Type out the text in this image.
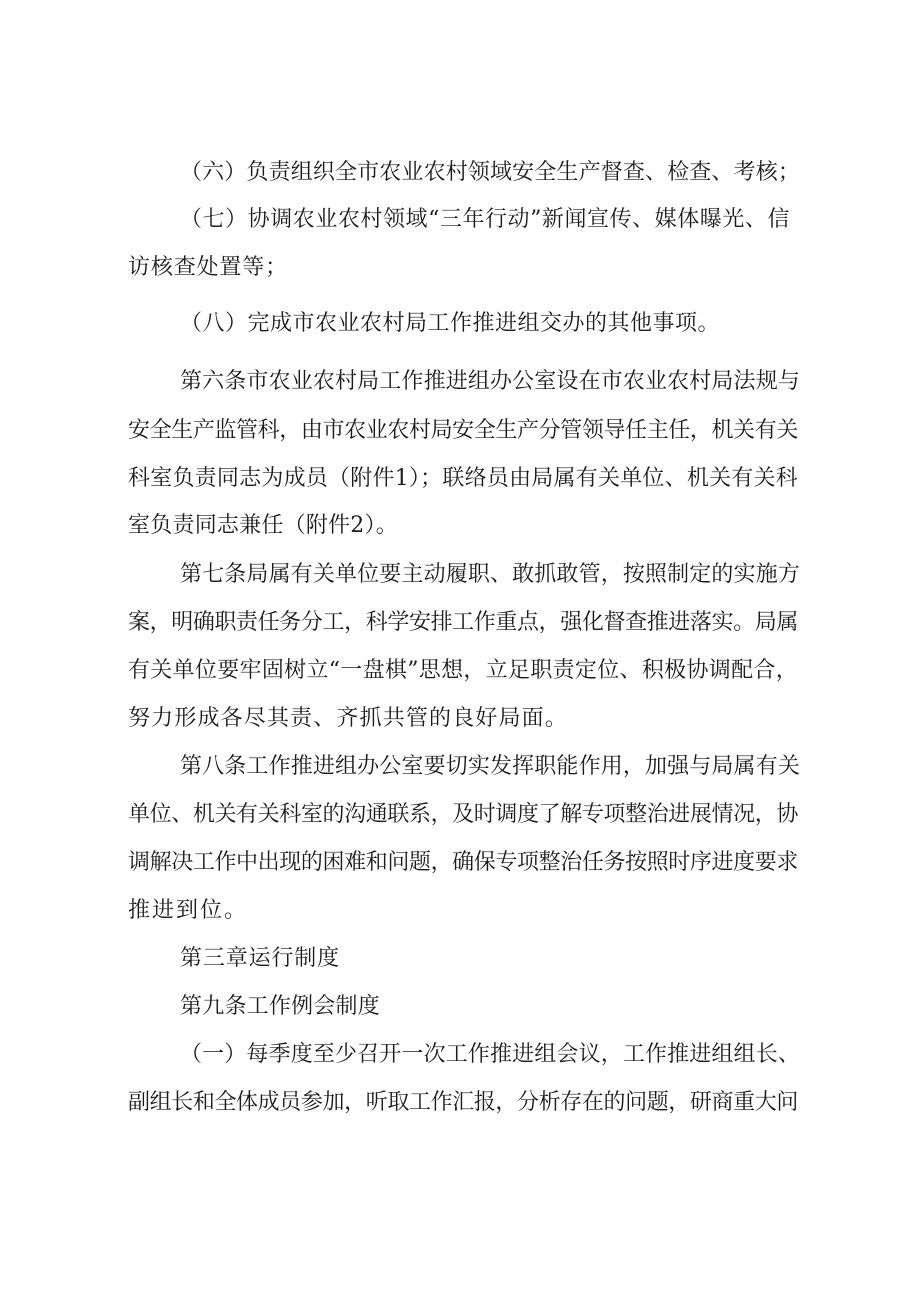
（六）负责组织全市农业农村领域安全生产督查、检查、考核；
（七）协调农业农村领域“三年行动”新闻宣传、媒体曝光、信
访核查处置等；
（八）完成市农业农村局工作推进组交办的其他事项。
第六条市农业农村局工作推进组办公室设在市农业农村局法规与
安全生产监管科，由市农业农村局安全生产分管领导任主任，机关有关
科室负责同志为成员（附件1）；联络员由局属有关单位、机关有关科
室负责同志兼任（附件2）。
第七条局属有关单位要主动履职、敢抓敢管，按照制定的实施方
案，明确职责任务分工，科学安排工作重点，强化督查推进落实。局属
有关单位要牢固树立“一盘棋”思想，立足职责定位、积极协调配合，
努力形成各尽其责、齐抓共管的良好局面。
第八条工作推进组办公室要切实发挥职能作用，加强与局属有关
单位、机关有关科室的沟通联系，及时调度了解专项整治进展情况，协
调解决工作中出现的困难和问题，确保专项整治任务按照时序进度要求
推进到位。
第三章运行制度
第九条工作例会制度
（一）每季度至少召开一次工作推进组会议，工作推进组组长、
副组长和全体成员参加，听取工作汇报，分析存在的问题，研商重大问
